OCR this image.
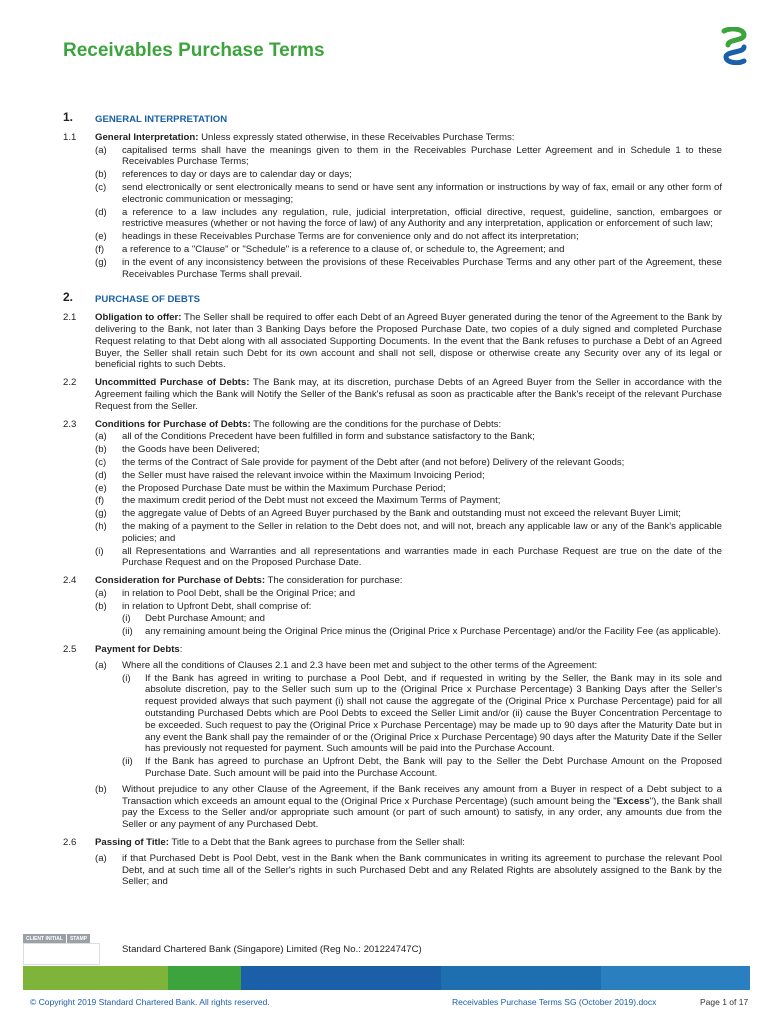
Receivables Purchase Terms
1.	GENERAL INTERPRETATION
1.1	General Interpretation: Unless expressly stated otherwise, in these Receivables Purchase Terms:
(a)	capitalised terms shall have the meanings given to them in the Receivables Purchase Letter Agreement and in Schedule 1 to these Receivables Purchase Terms;
(b)	references to day or days are to calendar day or days;
(c)	send electronically or sent electronically means to send or have sent any information or instructions by way of fax, email or any other form of electronic communication or messaging;
(d)	a reference to a law includes any regulation, rule, judicial interpretation, official directive, request, guideline, sanction, embargoes or restrictive measures (whether or not having the force of law) of any Authority and any interpretation, application or enforcement of such law;
(e)	headings in these Receivables Purchase Terms are for convenience only and do not affect its interpretation;
(f)	a reference to a "Clause" or "Schedule" is a reference to a clause of, or schedule to, the Agreement; and
(g)	in the event of any inconsistency between the provisions of these Receivables Purchase Terms and any other part of the Agreement, these Receivables Purchase Terms shall prevail.
2.	PURCHASE OF DEBTS
2.1	Obligation to offer: The Seller shall be required to offer each Debt of an Agreed Buyer generated during the tenor of the Agreement to the Bank by delivering to the Bank, not later than 3 Banking Days before the Proposed Purchase Date, two copies of a duly signed and completed Purchase Request relating to that Debt along with all associated Supporting Documents. In the event that the Bank refuses to purchase a Debt of an Agreed Buyer, the Seller shall retain such Debt for its own account and shall not sell, dispose or otherwise create any Security over any of its legal or beneficial rights to such Debts.
2.2	Uncommitted Purchase of Debts: The Bank may, at its discretion, purchase Debts of an Agreed Buyer from the Seller in accordance with the Agreement failing which the Bank will Notify the Seller of the Bank's refusal as soon as practicable after the Bank's receipt of the relevant Purchase Request from the Seller.
2.3	Conditions for Purchase of Debts: The following are the conditions for the purchase of Debts:
(a)	all of the Conditions Precedent have been fulfilled in form and substance satisfactory to the Bank;
(b)	the Goods have been Delivered;
(c)	the terms of the Contract of Sale provide for payment of the Debt after (and not before) Delivery of the relevant Goods;
(d)	the Seller must have raised the relevant invoice within the Maximum Invoicing Period;
(e)	the Proposed Purchase Date must be within the Maximum Purchase Period;
(f)	the maximum credit period of the Debt must not exceed the Maximum Terms of Payment;
(g)	the aggregate value of Debts of an Agreed Buyer purchased by the Bank and outstanding must not exceed the relevant Buyer Limit;
(h)	the making of a payment to the Seller in relation to the Debt does not, and will not, breach any applicable law or any of the Bank's applicable policies; and
(i)	all Representations and Warranties and all representations and warranties made in each Purchase Request are true on the date of the Purchase Request and on the Proposed Purchase Date.
2.4	Consideration for Purchase of Debts: The consideration for purchase:
(a)	in relation to Pool Debt, shall be the Original Price; and
(b)	in relation to Upfront Debt, shall comprise of:
(i)	Debt Purchase Amount; and
(ii)	any remaining amount being the Original Price minus the (Original Price x Purchase Percentage) and/or the Facility Fee (as applicable).
2.5	Payment for Debts:
(a)	Where all the conditions of Clauses 2.1 and 2.3 have been met and subject to the other terms of the Agreement:
(i)	If the Bank has agreed in writing to purchase a Pool Debt, and if requested in writing by the Seller, the Bank may in its sole and absolute discretion, pay to the Seller such sum up to the (Original Price x Purchase Percentage) 3 Banking Days after the Seller's request provided always that such payment (i) shall not cause the aggregate of the (Original Price x Purchase Percentage) paid for all outstanding Purchased Debts which are Pool Debts to exceed the Seller Limit and/or (ii) cause the Buyer Concentration Percentage to be exceeded. Such request to pay the (Original Price x Purchase Percentage) may be made up to 90 days after the Maturity Date but in any event the Bank shall pay the remainder of or the (Original Price x Purchase Percentage) 90 days after the Maturity Date if the Seller has previously not requested for payment. Such amounts will be paid into the Purchase Account.
(ii)	If the Bank has agreed to purchase an Upfront Debt, the Bank will pay to the Seller the Debt Purchase Amount on the Proposed Purchase Date. Such amount will be paid into the Purchase Account.
(b)	Without prejudice to any other Clause of the Agreement, if the Bank receives any amount from a Buyer in respect of a Debt subject to a Transaction which exceeds an amount equal to the (Original Price x Purchase Percentage) (such amount being the "Excess"), the Bank shall pay the Excess to the Seller and/or appropriate such amount (or part of such amount) to satisfy, in any order, any amounts due from the Seller or any payment of any Purchased Debt.
2.6	Passing of Title: Title to a Debt that the Bank agrees to purchase from the Seller shall:
(a)	if that Purchased Debt is Pool Debt, vest in the Bank when the Bank communicates in writing its agreement to purchase the relevant Pool Debt, and at such time all of the Seller's rights in such Purchased Debt and any Related Rights are absolutely assigned to the Bank by the Seller; and
CLIENT INITIAL	STAMP
Standard Chartered Bank (Singapore) Limited (Reg No.: 201224747C)
© Copyright 2019 Standard Chartered Bank. All rights reserved.	Receivables Purchase Terms SG (October 2019).docx	Page 1 of 17
